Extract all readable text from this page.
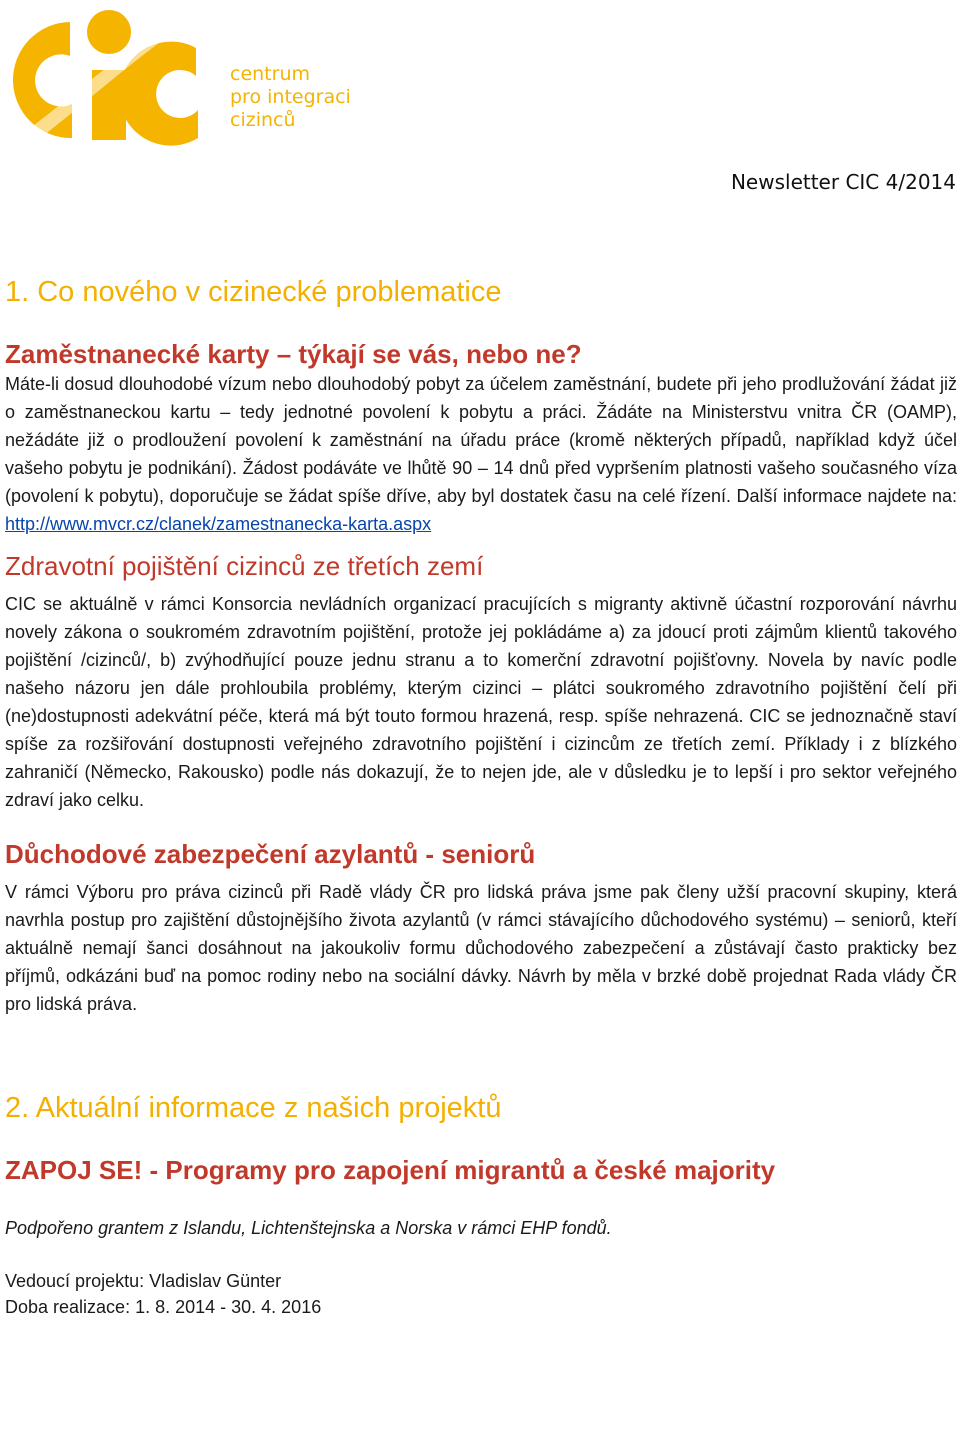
centrum
pro integraci
cizinců
Newsletter CIC 4/2014
1. Co nového v cizinecké problematice
Zaměstnanecké karty – týkají se vás, nebo ne?

Máte-li dosud dlouhodobé vízum nebo dlouhodobý pobyt za účelem zaměstnání, budete při jeho prodlužování žádat již o zaměstnaneckou kartu – tedy jednotné povolení k pobytu a práci. Žádáte na Ministerstvu vnitra ČR (OAMP), nežádáte již o prodloužení povolení k zaměstnání na úřadu práce (kromě některých případů, například když účel vašeho pobytu je podnikání). Žádost podáváte ve lhůtě 90 – 14 dnů před vypršením platnosti vašeho současného víza (povolení k pobytu), doporučuje se žádat spíše dříve, aby byl dostatek času na celé řízení. Další informace najdete na: http://www.mvcr.cz/clanek/zamestnanecka-karta.aspx

Zdravotní pojištění cizinců ze třetích zemí

CIC se aktuálně v rámci Konsorcia nevládních organizací pracujících s migranty aktivně účastní rozporování návrhu novely zákona o soukromém zdravotním pojištění, protože jej pokládáme a) za jdoucí proti zájmům klientů takového pojištění /cizinců/, b) zvýhodňující pouze jednu stranu a to komerční zdravotní pojišťovny. Novela by navíc podle našeho názoru jen dále prohloubila problémy, kterým cizinci – plátci soukromého zdravotního pojištění čelí při (ne)dostupnosti adekvátní péče, která má být touto formou hrazená, resp. spíše nehrazená. CIC se jednoznačně staví spíše za rozšiřování dostupnosti veřejného zdravotního pojištění i cizincům ze třetích zemí. Příklady i z blízkého zahraničí (Německo, Rakousko) podle nás dokazují, že to nejen jde, ale v důsledku je to lepší i pro sektor veřejného zdraví jako celku.

Důchodové zabezpečení azylantů - seniorů

V rámci Výboru pro práva cizinců při Radě vlády ČR pro lidská práva jsme pak členy užší pracovní skupiny, která navrhla postup pro zajištění důstojnějšího života azylantů (v rámci stávajícího důchodového systému) – seniorů, kteří aktuálně nemají šanci dosáhnout na jakoukoliv formu důchodového zabezpečení a zůstávají často prakticky bez příjmů, odkázáni buď na pomoc rodiny nebo na sociální dávky. Návrh by měla v brzké době projednat Rada vlády ČR pro lidská práva.

2. Aktuální informace z našich projektů
ZAPOJ SE! - Programy pro zapojení migrantů a české majority

Podpořeno grantem z Islandu, Lichtenštejnska a Norska v rámci EHP fondů.

Vedoucí projektu: Vladislav Günter

Doba realizace: 1. 8. 2014 - 30. 4. 2016
